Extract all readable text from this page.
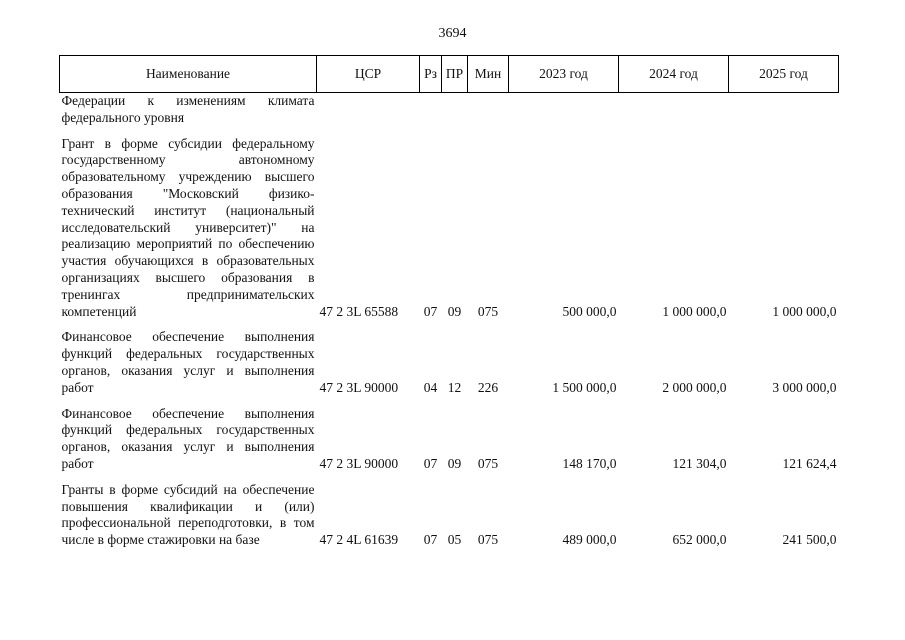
3694
Наименование	ЦСР	Рз	ПР	Мин	2023 год	2024 год	2025 год
Федерации к изменениям климата федерального уровня							

Грант в форме субсидии федеральному государственному автономному образовательному учреждению высшего образования "Московский физико-технический институт (национальный исследовательский университет)" на реализацию мероприятий по обеспечению участия обучающихся в образовательных организациях высшего образования в тренингах предпринимательских компетенций	47 2 3L 65588	07	09	075	500 000,0	1 000 000,0	1 000 000,0

Финансовое обеспечение выполнения функций федеральных государственных органов, оказания услуг и выполнения работ	47 2 3L 90000	04	12	226	1 500 000,0	2 000 000,0	3 000 000,0

Финансовое обеспечение выполнения функций федеральных государственных органов, оказания услуг и выполнения работ	47 2 3L 90000	07	09	075	148 170,0	121 304,0	121 624,4

Гранты в форме субсидий на обеспечение повышения квалификации и (или) профессиональной переподготовки, в том числе в форме стажировки на базе	47 2 4L 61639	07	05	075	489 000,0	652 000,0	241 500,0
